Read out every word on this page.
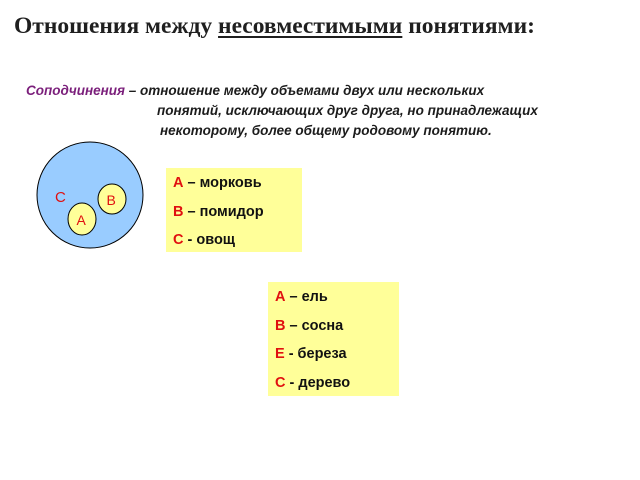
Отношения между несовместимыми понятиями:
Соподчинения – отношение между объемами двух или нескольких
понятий, исключающих друг друга, но принадлежащих
некоторому, более общему родовому понятию.
С	В
А
А – морковь
В – помидор
С - овощ
А – ель
В – сосна
Е - береза
С - дерево
